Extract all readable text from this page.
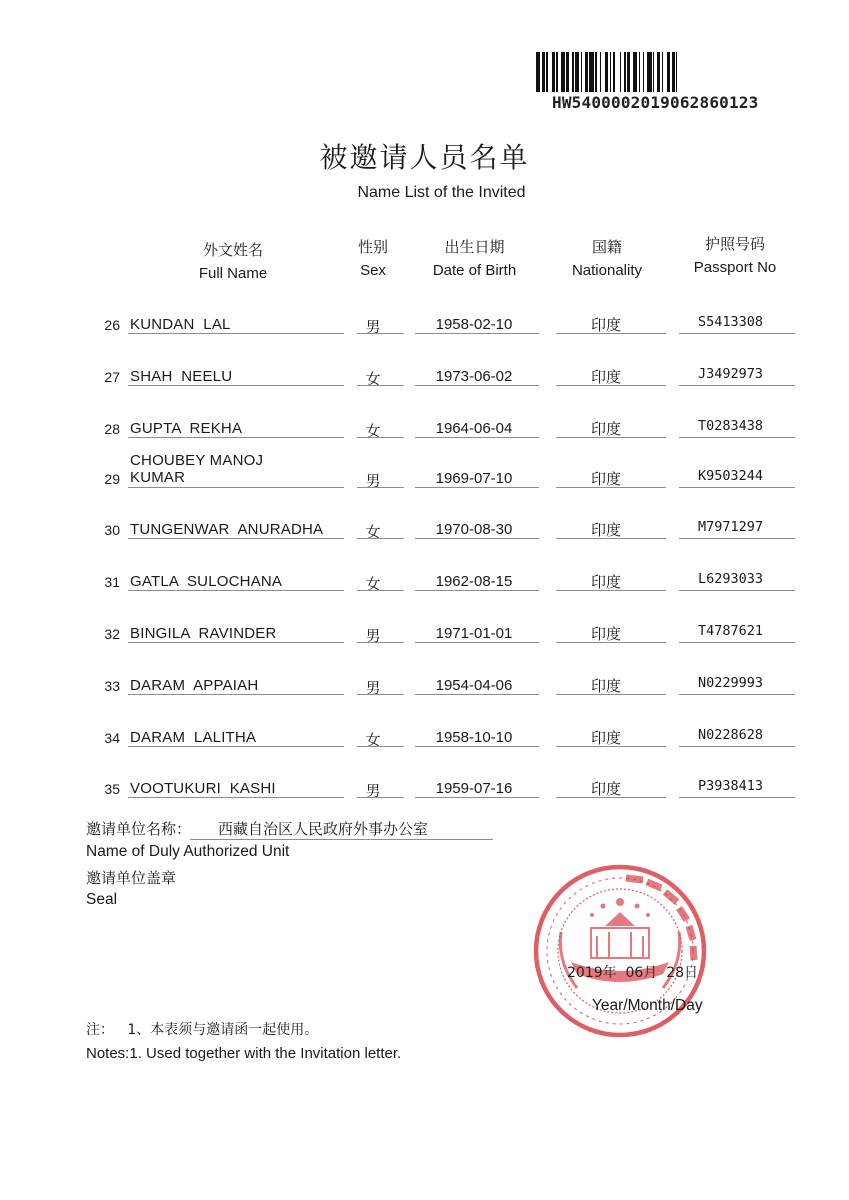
HW5400002019062860123
被邀请人员名单
Name List of the Invited
外文姓名
Full Name
性别
Sex
出生日期
Date of Birth
国籍
Nationality
护照号码
Passport No
26 KUNDAN  LAL	男	1958-02-10	印度	S5413308
27 SHAH  NEELU	女	1973-06-02	印度	J3492973
28 GUPTA  REKHA	女	1964-06-04	印度	T0283438
29
CHOUBEY MANOJ
KUMAR	男	1969-07-10	印度	K9503244
30 TUNGENWAR  ANURADHA	女	1970-08-30	印度	M7971297
31 GATLA  SULOCHANA	女	1962-08-15	印度	L6293033
32 BINGILA  RAVINDER	男	1971-01-01	印度	T4787621
33 DARAM  APPAIAH	男	1954-04-06	印度	N0229993
34 DARAM  LALITHA	女	1958-10-10	印度	N0228628
35 VOOTUKURI  KASHI	男	1959-07-16	印度	P3938413
邀请单位名称： 西藏自治区人民政府外事办公室
Name of Duly Authorized Unit
邀请单位盖章
Seal
2019年  06月  28日
Year/Month/Day
注：   1、本表须与邀请函一起使用。
Notes:1. Used together with the Invitation letter.
